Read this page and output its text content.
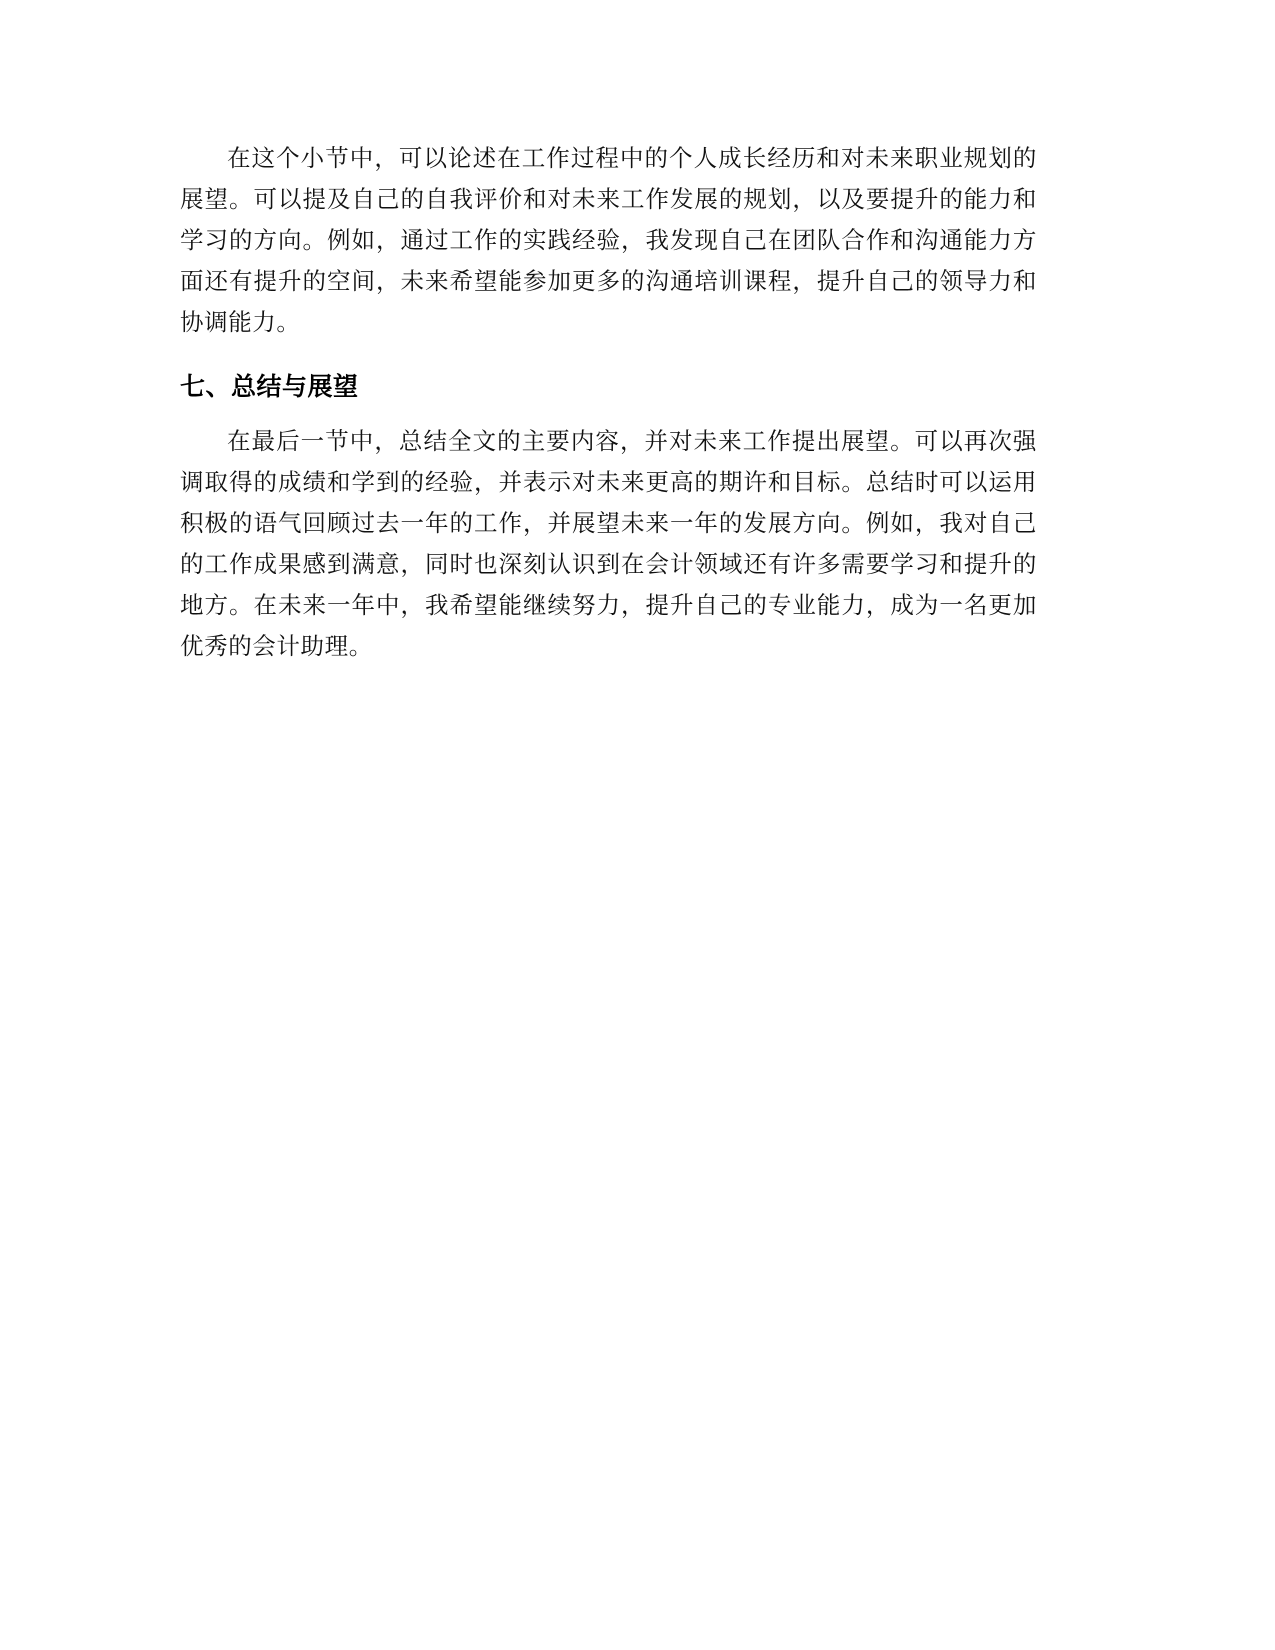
在这个小节中，可以论述在工作过程中的个人成长经历和对未来职业规划的展望。可以提及自己的自我评价和对未来工作发展的规划，以及要提升的能力和学习的方向。例如，通过工作的实践经验，我发现自己在团队合作和沟通能力方面还有提升的空间，未来希望能参加更多的沟通培训课程，提升自己的领导力和协调能力。

七、总结与展望

在最后一节中，总结全文的主要内容，并对未来工作提出展望。可以再次强调取得的成绩和学到的经验，并表示对未来更高的期许和目标。总结时可以运用积极的语气回顾过去一年的工作，并展望未来一年的发展方向。例如，我对自己的工作成果感到满意，同时也深刻认识到在会计领域还有许多需要学习和提升的地方。在未来一年中，我希望能继续努力，提升自己的专业能力，成为一名更加优秀的会计助理。
